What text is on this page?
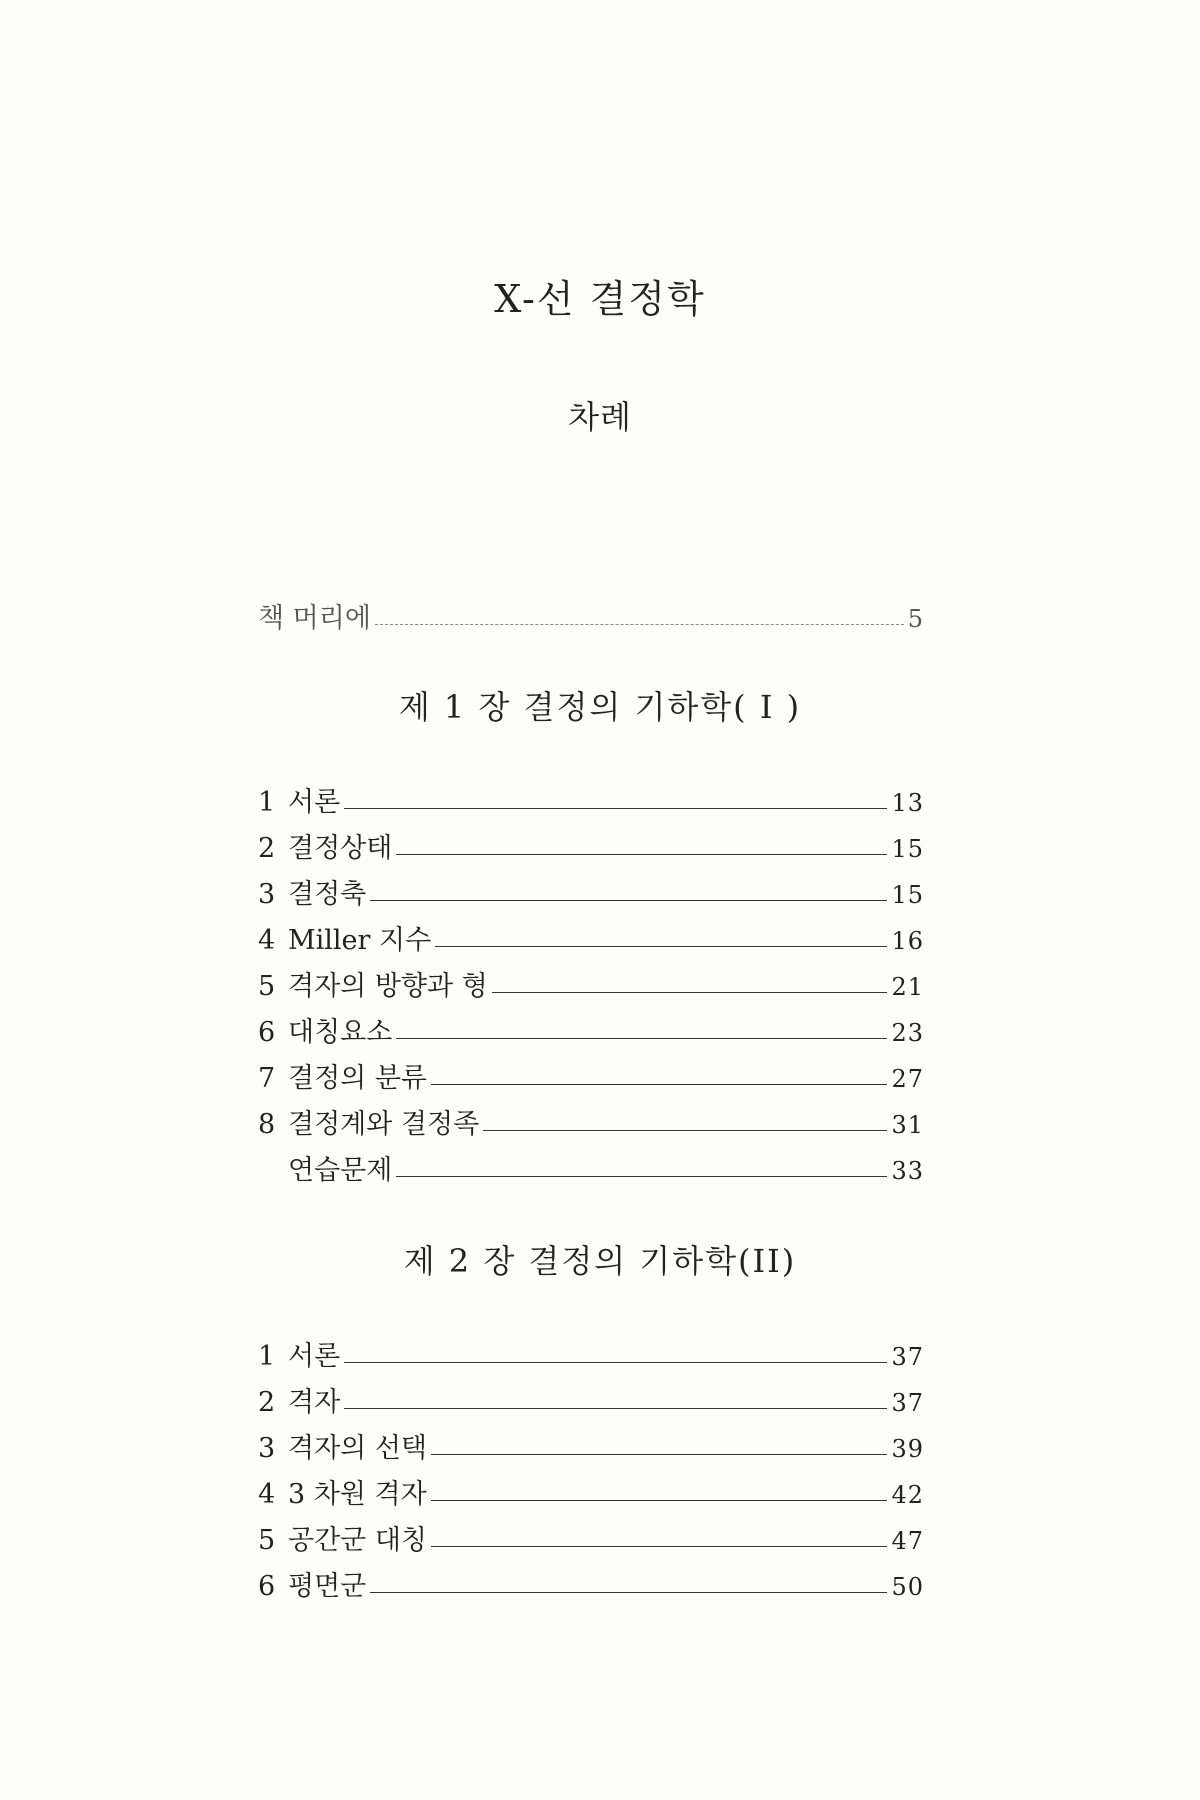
X-선 결정학
차례
책 머리에	5
제 1 장 결정의 기하학( I )
1 서론	13
2 결정상태	15
3 결정축	15
4 Miller 지수	16
5 격자의 방향과 형	21
6 대칭요소	23
7 결정의 분류	27
8 결정계와 결정족	31
연습문제	33
제 2 장 결정의 기하학(II)
1 서론	37
2 격자	37
3 격자의 선택	39
4 3 차원 격자	42
5 공간군 대칭	47
6 평면군	50
